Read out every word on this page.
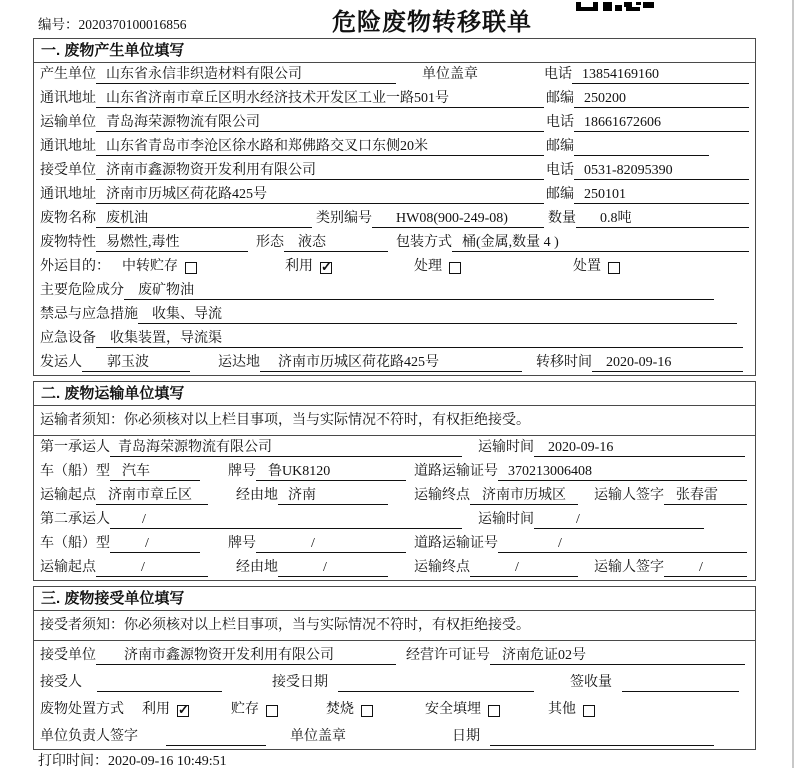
编号：2020370100016856	危险废物转移联单
一. 废物产生单位填写
产生单位 山东省永信非织造材料有限公司	单位盖章	电话 13854169160
通讯地址 山东省济南市章丘区明水经济技术开发区工业一路501号	邮编 250200
运输单位 青岛海荣源物流有限公司	电话 18661672606
通讯地址 山东省青岛市李沧区徐水路和郑佛路交叉口东侧20米	邮编
接受单位 济南市鑫源物资开发利用有限公司	电话 0531-82095390
通讯地址 济南市历城区荷花路425号	邮编 250101
废物名称 废机油	类别编号	HW08(900-249-08)	数量	0.8吨
废物特性 易燃性,毒性	形态	液态	包装方式 桶(金属,数量 4 )
外运目的： 中转贮存	利用 ✓	处理	处置
主要危险成分	废矿物油
禁忌与应急措施	收集、导流
应急设备	收集装置，导流渠
发运人	郭玉波	运达地	济南市历城区荷花路425号	转移时间	2020-09-16
二. 废物运输单位填写
运输者须知：你必须核对以上栏目事项，当与实际情况不符时，有权拒绝接受。
第一承运人 青岛海荣源物流有限公司	运输时间	2020-09-16
车（船）型 汽车	牌号 鲁UK8120	道路运输证号 370213006408
运输起点 济南市章丘区	经由地 济南	运输终点 济南市历城区	运输人签字 张春雷
第二承运人	/	运输时间	/
车（船）型	/	牌号	/	道路运输证号	/
运输起点	/	经由地	/	运输终点	/	运输人签字	/
三. 废物接受单位填写
接受者须知：你必须核对以上栏目事项，当与实际情况不符时，有权拒绝接受。
接受单位	济南市鑫源物资开发利用有限公司	经营许可证号 济南危证02号
接受人	接受日期	签收量
废物处置方式 利用 ✓	贮存	焚烧	安全填埋	其他
单位负责人签字	单位盖章	日期
打印时间：2020-09-16 10:49:51
